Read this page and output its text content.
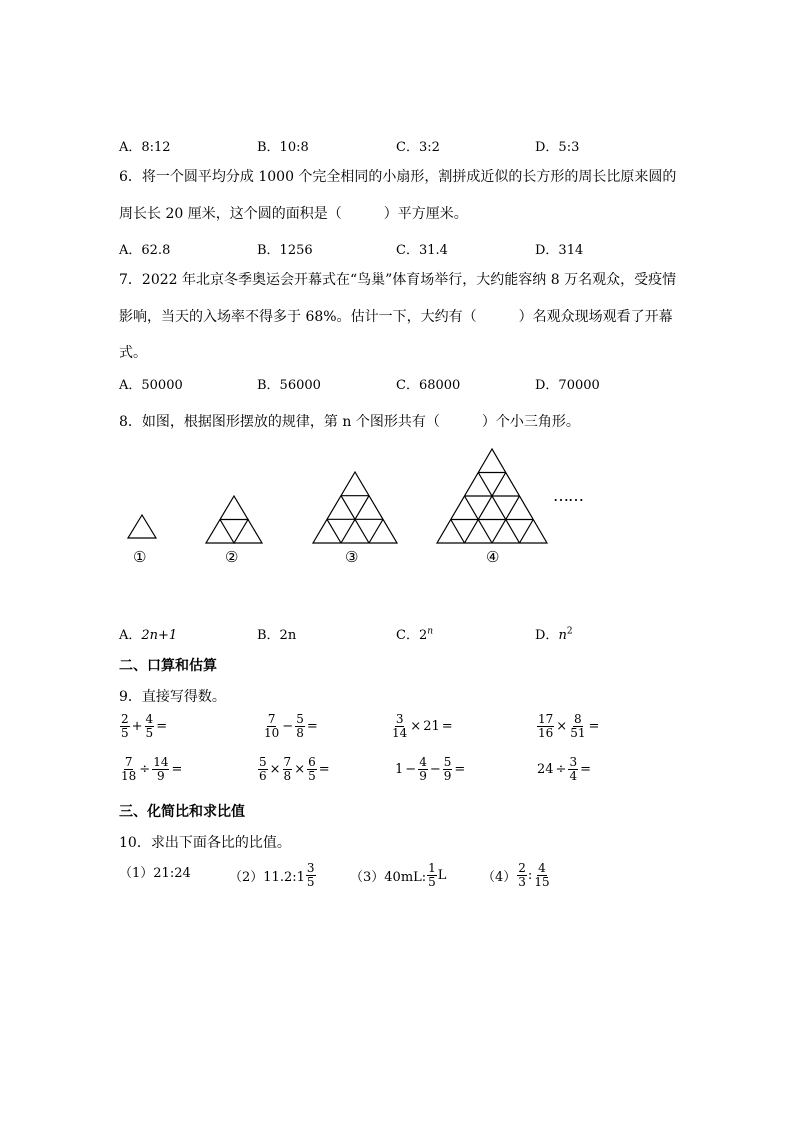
A．8:12	B．10:8	C．3:2	D．5:3
6．将一个圆平均分成 1000 个完全相同的小扇形，割拼成近似的长方形的周长比原来圆的
周长长 20 厘米，这个圆的面积是（　　　）平方厘米。
A．62.8	B．1256	C．31.4	D．314
7．2022 年北京冬季奥运会开幕式在“鸟巢”体育场举行，大约能容纳 8 万名观众，受疫情
影响，当天的入场率不得多于 68%。估计一下，大约有（　　　）名观众现场观看了开幕
式。
A．50000	B．56000	C．68000	D．70000
8．如图，根据图形摆放的规律，第 n 个图形共有（　　　）个小三角形。
……
①	②	③	④
A．2n+1	B．2n	C．2$^n$	D．$n^2$
二、口算和估算
9．直接写得数。
$\frac{2}{5} + \frac{4}{5}$ =	$\frac{7}{10} - \frac{5}{8}$ =	$\frac{3}{14} \times 21$ =	$\frac{17}{16} \times \frac{8}{51}$ =
$\frac{7}{18} \div \frac{14}{9}$ =	$\frac{5}{6} \times \frac{7}{8} \times \frac{6}{5}$ =	$1 - \frac{4}{9} - \frac{5}{9}$ =	$24 \div \frac{3}{4}$ =
三、化简比和求比值
10．求出下面各比的比值。
（1）21:24	（2）11.2:1 $\frac{3}{5}$	（3）40mL: $\frac{1}{5}$ L	$(4) \frac{2}{3}$ : $\frac{4}{15}$
